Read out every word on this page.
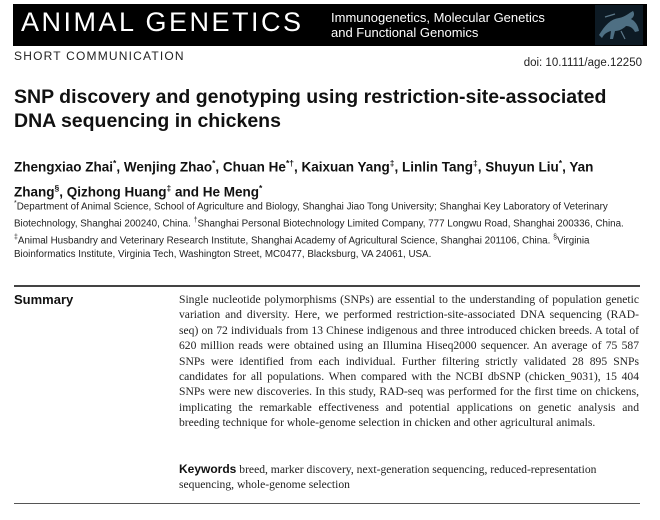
ANIMAL GENETICS Immunogenetics, Molecular Genetics
and Functional Genomics
SHORT COMMUNICATION	doi: 10.1111/age.12250
SNP discovery and genotyping using restriction-site-associated DNA sequencing in chickens
Zhengxiao Zhai*, Wenjing Zhao*, Chuan He*†, Kaixuan Yang‡, Linlin Tang‡, Shuyun Liu*, Yan Zhang§, Qizhong Huang‡ and He Meng*
*Department of Animal Science, School of Agriculture and Biology, Shanghai Jiao Tong University; Shanghai Key Laboratory of Veterinary Biotechnology, Shanghai 200240, China. †Shanghai Personal Biotechnology Limited Company, 777 Longwu Road, Shanghai 200336, China. ‡Animal Husbandry and Veterinary Research Institute, Shanghai Academy of Agricultural Science, Shanghai 201106, China. §Virginia Bioinformatics Institute, Virginia Tech, Washington Street, MC0477, Blacksburg, VA 24061, USA.
Summary	Single nucleotide polymorphisms (SNPs) are essential to the understanding of population genetic variation and diversity. Here, we performed restriction-site-associated DNA sequencing (RAD-seq) on 72 individuals from 13 Chinese indigenous and three introduced chicken breeds. A total of 620 million reads were obtained using an Illumina Hiseq2000 sequencer. An average of 75 587 SNPs were identified from each individual. Further filtering strictly validated 28 895 SNPs candidates for all populations. When compared with the NCBI dbSNP (chicken_9031), 15 404 SNPs were new discoveries. In this study, RAD-seq was performed for the first time on chickens, implicating the remarkable effectiveness and potential applications on genetic analysis and breeding technique for whole-genome selection in chicken and other agricultural animals.
Keywords breed, marker discovery, next-generation sequencing, reduced-representation sequencing, whole-genome selection
